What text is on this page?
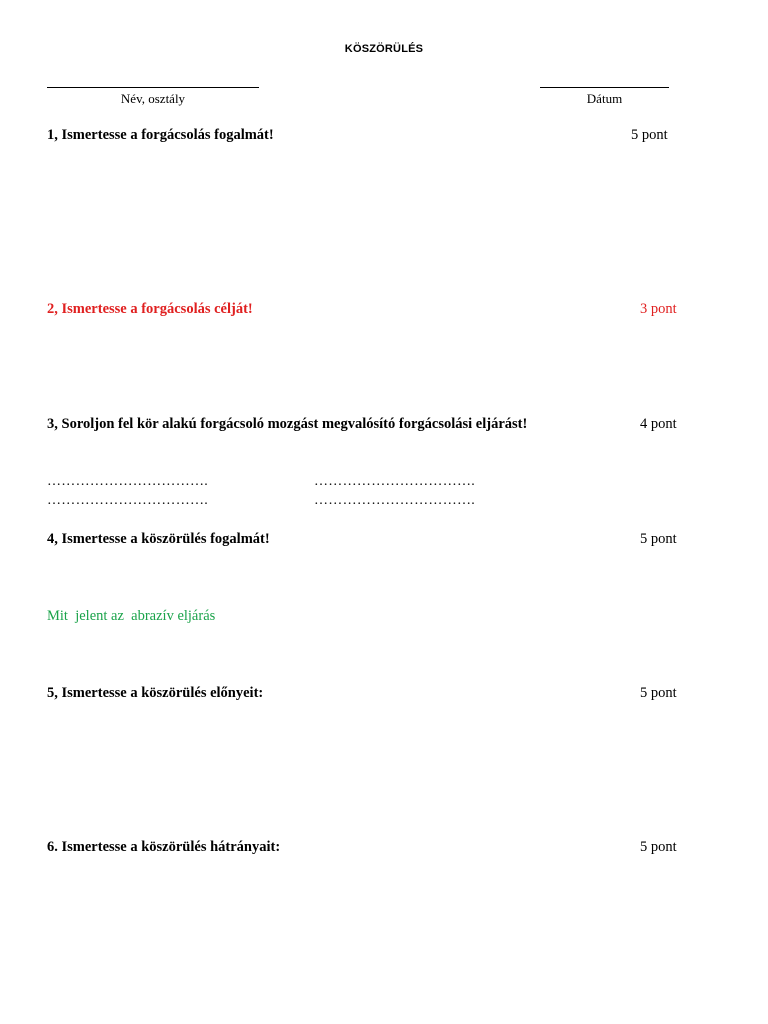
KÖSZÖRÜLÉS
Név, osztály	Dátum
1, Ismertesse a forgácsolás fogalmát!	5 pont
2, Ismertesse a forgácsolás célját!	3 pont
3, Soroljon fel kör alakú forgácsoló mozgást megvalósító forgácsolási eljárást!	4 pont
…………………………….	…………………………….
…………………………….	…………………………….
4, Ismertesse a köszörülés fogalmát!	5 pont
Mit  jelent az  abrazív eljárás
5, Ismertesse a köszörülés előnyeit:	5 pont
6. Ismertesse a köszörülés hátrányait:	5 pont
